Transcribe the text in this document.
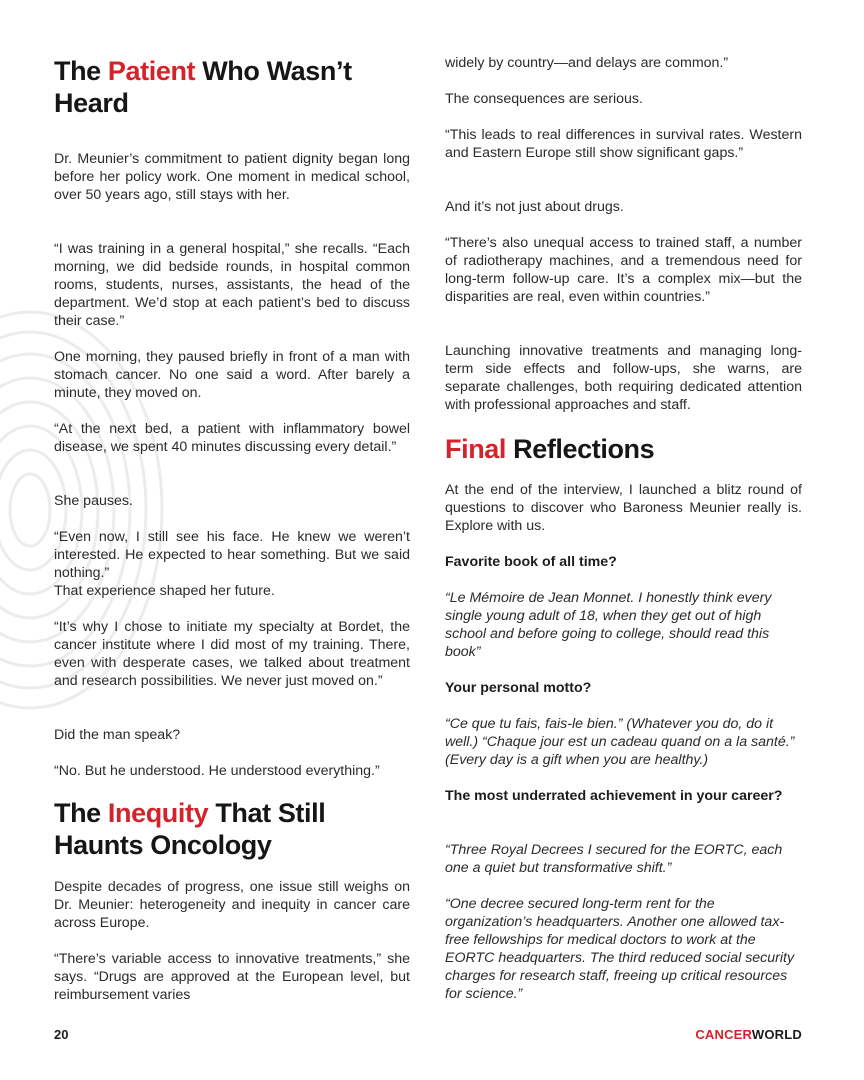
The Patient Who Wasn’t Heard

Dr. Meunier’s commitment to patient dignity began long before her policy work. One moment in medical school, over 50 years ago, still stays with her.

“I was training in a general hospital,” she recalls. “Each morning, we did bedside rounds, in hospital common rooms, students, nurses, assistants, the head of the department. We’d stop at each patient’s bed to discuss their case.”

One morning, they paused briefly in front of a man with stomach cancer. No one said a word. After barely a minute, they moved on.

“At the next bed, a patient with inflammatory bowel disease, we spent 40 minutes discussing every detail.”

She pauses.

“Even now, I still see his face. He knew we weren’t interested. He expected to hear something. But we said nothing.”

That experience shaped her future.

“It’s why I chose to initiate my specialty at Bordet, the cancer institute where I did most of my training. There, even with desperate cases, we talked about treatment and research possibilities. We never just moved on.”

Did the man speak?

“No. But he understood. He understood everything.”

The Inequity That Still Haunts Oncology

Despite decades of progress, one issue still weighs on Dr. Meunier: heterogeneity and inequity in cancer care across Europe.

“There’s variable access to innovative treatments,” she says. “Drugs are approved at the European level, but reimbursement varies

widely by country—and delays are common.”

The consequences are serious.

“This leads to real differences in survival rates. Western and Eastern Europe still show significant gaps.”

And it’s not just about drugs.

“There’s also unequal access to trained staff, a number of radiotherapy machines, and a tremendous need for long-term follow-up care. It’s a complex mix—but the disparities are real, even within countries.”

Launching innovative treatments and managing long-term side effects and follow-ups, she warns, are separate challenges, both requiring dedicated attention with professional approaches and staff.

Final Reflections

At the end of the interview, I launched a blitz round of questions to discover who Baroness Meunier really is. Explore with us.

Favorite book of all time?

“Le Mémoire de Jean Monnet. I honestly think every single young adult of 18, when they get out of high school and before going to college, should read this book”

Your personal motto?

“Ce que tu fais, fais-le bien.” (Whatever you do, do it well.) “Chaque jour est un cadeau quand on a la santé.” (Every day is a gift when you are healthy.)

The most underrated achievement in your career?

“Three Royal Decrees I secured for the EORTC, each one a quiet but transformative shift.”

“One decree secured long-term rent for the organization’s headquarters. Another one allowed tax-free fellowships for medical doctors to work at the EORTC headquarters. The third reduced social security charges for research staff, freeing up critical resources for science.”

20	CANCERWORLD
